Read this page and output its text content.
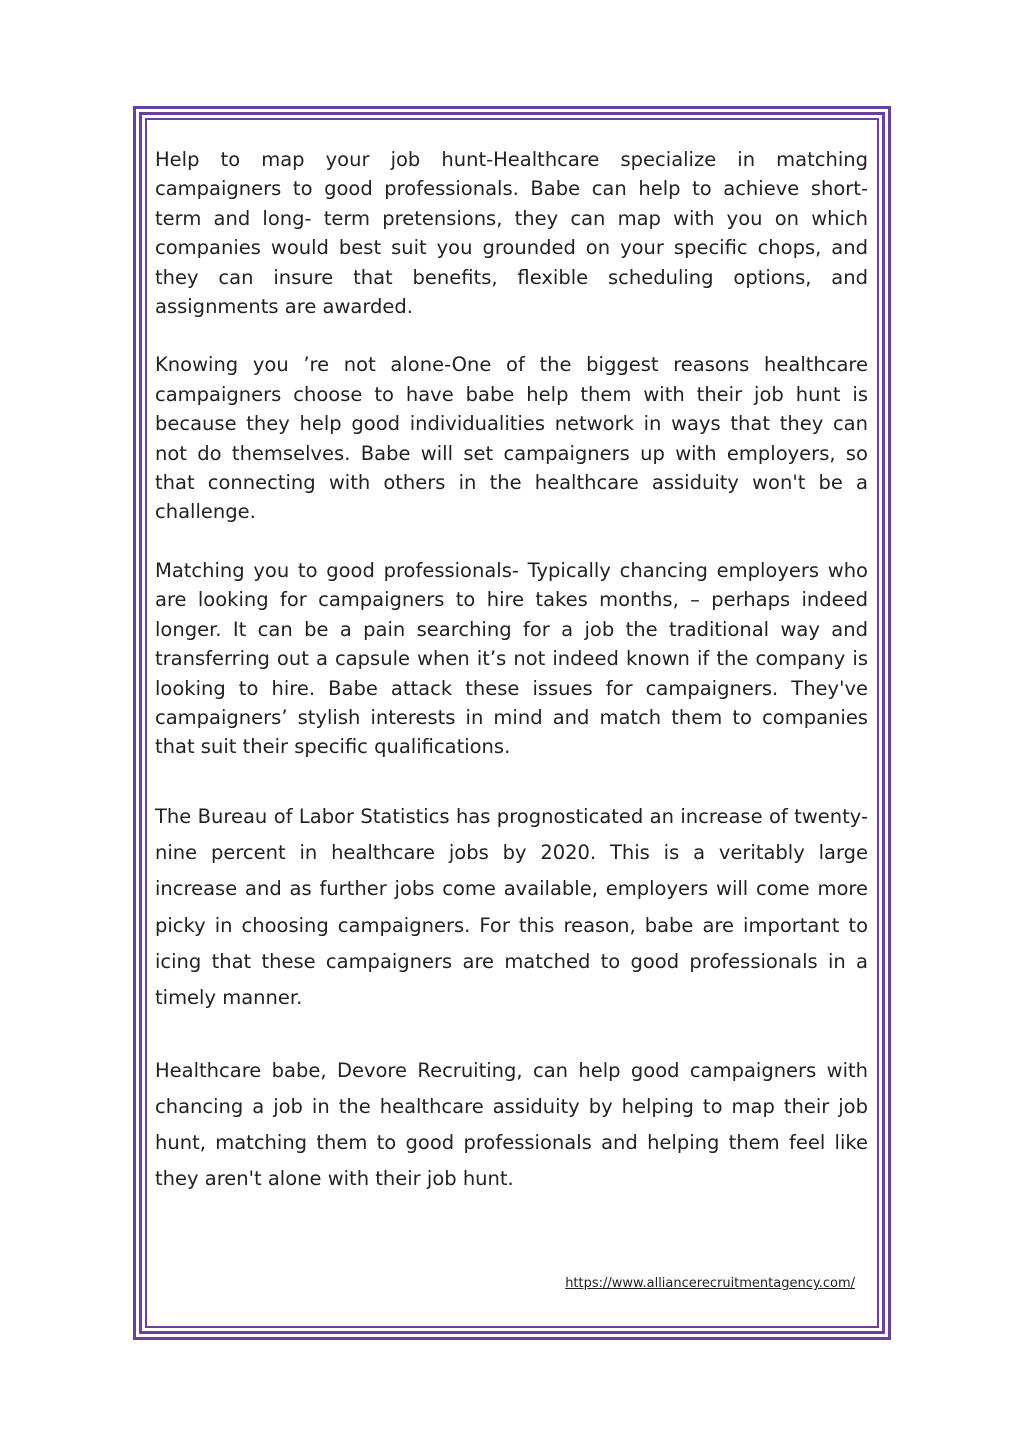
Help to map your job hunt-Healthcare specialize in matching campaigners to good professionals. Babe can help to achieve short- term and long- term pretensions, they can map with you on which companies would best suit you grounded on your specific chops, and they can insure that benefits, flexible scheduling options, and assignments are awarded.

Knowing you ’re not alone-One of the biggest reasons healthcare campaigners choose to have babe help them with their job hunt is because they help good individualities network in ways that they can not do themselves. Babe will set campaigners up with employers, so that connecting with others in the healthcare assiduity won't be a challenge.

Matching you to good professionals- Typically chancing employers who are looking for campaigners to hire takes months, – perhaps indeed longer. It can be a pain searching for a job the traditional way and transferring out a capsule when it’s not indeed known if the company is looking to hire. Babe attack these issues for campaigners. They've campaigners’ stylish interests in mind and match them to companies that suit their specific qualifications.

The Bureau of Labor Statistics has prognosticated an increase of twenty-nine percent in healthcare jobs by 2020. This is a veritably large increase and as further jobs come available, employers will come more picky in choosing campaigners. For this reason, babe are important to icing that these campaigners are matched to good professionals in a timely manner.

Healthcare babe, Devore Recruiting, can help good campaigners with chancing a job in the healthcare assiduity by helping to map their job hunt, matching them to good professionals and helping them feel like they aren't alone with their job hunt.

https://www.alliancerecruitmentagency.com/
